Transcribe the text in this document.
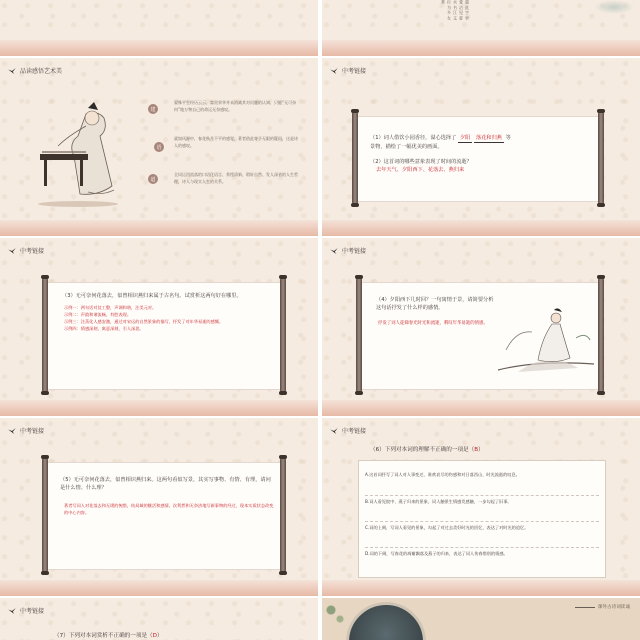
風 此 字 更 愛 沾 见 夏 水 书 江 文 位 为 多 女 香
品读感悟艺术美
建
晏殊平生经历云云、富贵荣华并未消减其对问题的认知，只能“无可奈何”地万物自己的命运无奈感叹。
语
就如风源中，春花秋月不平的感觉，著者借此寄予无限的疑问，这是诗人的感叹。
道
全词运用流落的口语化语言、养悭清新、瑕轩自然、发人深省的人生哲理，诗人与现实人生的关系。
中考链接
（1）词人借饮小园香径，溢心选择了 夕阳 落花和归燕 等
景物，描绘了一幅优美的画面。
（2）这首词的哪些意象表现了时间的流逝？
去年天气、夕阳西下、花落去、燕归来
中考链接
（3）无可奈何花落去，似曾相识燕归来属于古名句。试赏析这两句好在哪里。
示例一：两句话对仗工整，声调和谐，注美元对。
示例二：声韵和谐流畅，有腔表现。
示例三：注蒸化人感安激，通过对宋远的自然景象的描写，抒发了对年华易逝的感慨。
示例四：情感深刻，寓意深刻，引人深思。
中考链接
（4）夕阳西下几时回？一句寓情于景，请简要分析这句话抒发了什么样的感情。
抒发了词人徒娣春光时光和流逝，喟叹年华易逝的情感。
中考链接
（5）无可奈何花落去，似曾相识燕归来。这两句看似写景，其实写事物、有情、有理，请问是什么情、什么理？
著者写词人对花落去和无缓的惋惜，结局域的继活和感情。次利然和无奈济地写新事物的经过，现本实质状态改变的中心内容。
中考链接
（6）下列对本词的理解不正确的一项是（B）
A.这首词抒写了词人对人事变迁、谁欢哀尽的伤感和对日落西山、时光流逝的叹息。
B.词人看见院中、燕子归来的景象，词人触景生情感发感触，一步勾起了旧事。
C.词的上阕，写词人看见的景象，勾起了对过去美好时光的回忆，表达了对时光的追忆。
D.词的下阕，写春花的凋谢飘落及燕子的归来，表达了词人伤春惜别的情感。
中考链接
（7）下列对本词赏析不正确的一项是（D）
课外古诗词读诵
